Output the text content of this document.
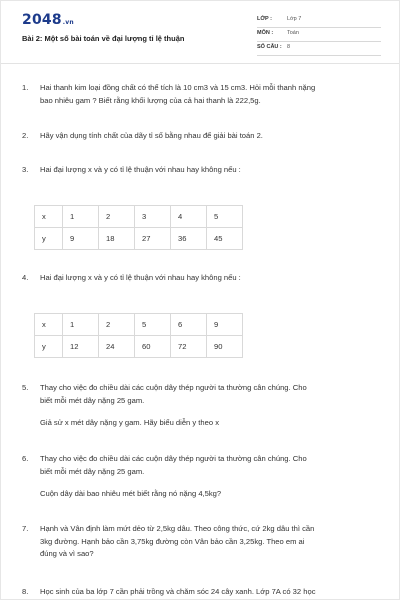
2048.vn
Bài 2: Một số bài toán về đại lượng tỉ lệ thuận
LỚP :	Lớp 7
MÔN :	Toán
SỐ CÂU : 8
1.	Hai thanh kim loại đồng chất có thể tích là 10 cm3 và 15 cm3. Hỏi mỗi thanh nặng
bao nhiêu gam ? Biết rằng khối lượng của cả hai thanh là 222,5g.
2.	Hãy vận dụng tính chất của dãy tỉ số bằng nhau để giải bài toán 2.
3.	Hai đại lượng x và y có tỉ lệ thuận với nhau hay không nếu :
x	1	2	3	4	5
y	9	18	27	36	45
4.	Hai đại lượng x và y có tỉ lệ thuận với nhau hay không nếu :
x	1	2	5	6	9
y	12	24	60	72	90
5.	Thay cho việc đo chiều dài các cuộn dây thép người ta thường cân chúng. Cho
biết mỗi mét dây nặng 25 gam.
Giả sử x mét dây nặng y gam. Hãy biểu diễn y theo x
6.	Thay cho việc đo chiều dài các cuộn dây thép người ta thường cân chúng. Cho
biết mỗi mét dây nặng 25 gam.
Cuộn dây dài bao nhiêu mét biết rằng nó nặng 4,5kg?
7.	Hạnh và Vân định làm mứt dẻo từ 2,5kg dâu. Theo công thức, cứ 2kg dâu thì cần
3kg đường. Hạnh bảo cần 3,75kg đường còn Vân bảo cần 3,25kg. Theo em ai
đúng và vì sao?
8.	Học sinh của ba lớp 7 cần phải trồng và chăm sóc 24 cây xanh. Lớp 7A có 32 học
